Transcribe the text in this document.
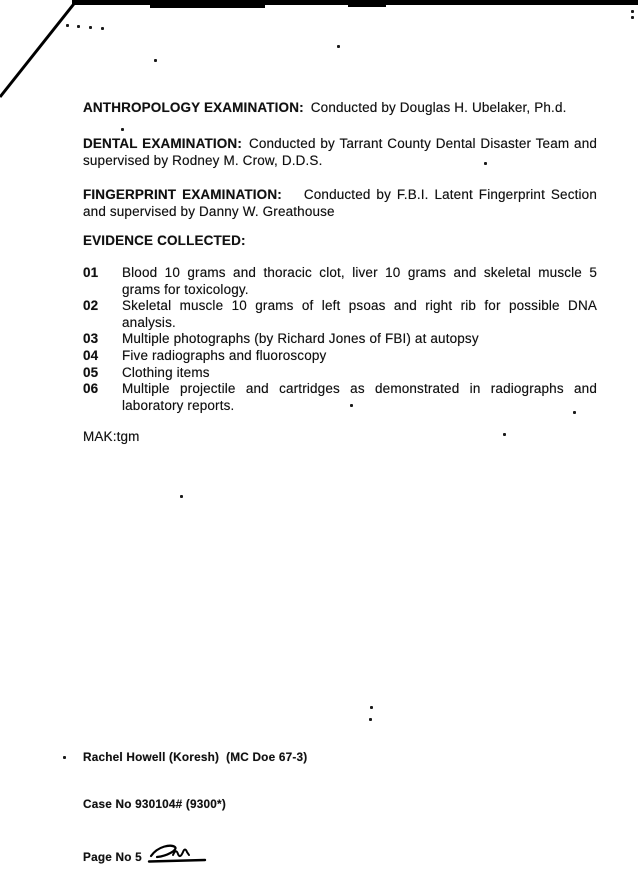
ANTHROPOLOGY EXAMINATION: Conducted by Douglas H. Ubelaker, Ph.d.
DENTAL EXAMINATION: Conducted by Tarrant County Dental Disaster Team and supervised by Rodney M. Crow, D.D.S.
FINGERPRINT EXAMINATION: Conducted by F.B.I. Latent Fingerprint Section and supervised by Danny W. Greathouse
EVIDENCE COLLECTED:
01	Blood 10 grams and thoracic clot, liver 10 grams and skeletal muscle 5 grams for toxicology.
02	Skeletal muscle 10 grams of left psoas and right rib for possible DNA analysis.
03	Multiple photographs (by Richard Jones of FBI) at autopsy
04	Five radiographs and fluoroscopy
05	Clothing items
06	Multiple projectile and cartridges as demonstrated in radiographs and laboratory reports.
MAK:tgm

Rachel Howell (Koresh)  (MC Doe 67-3)

Case No 930104# (9300*)

Page No 5
